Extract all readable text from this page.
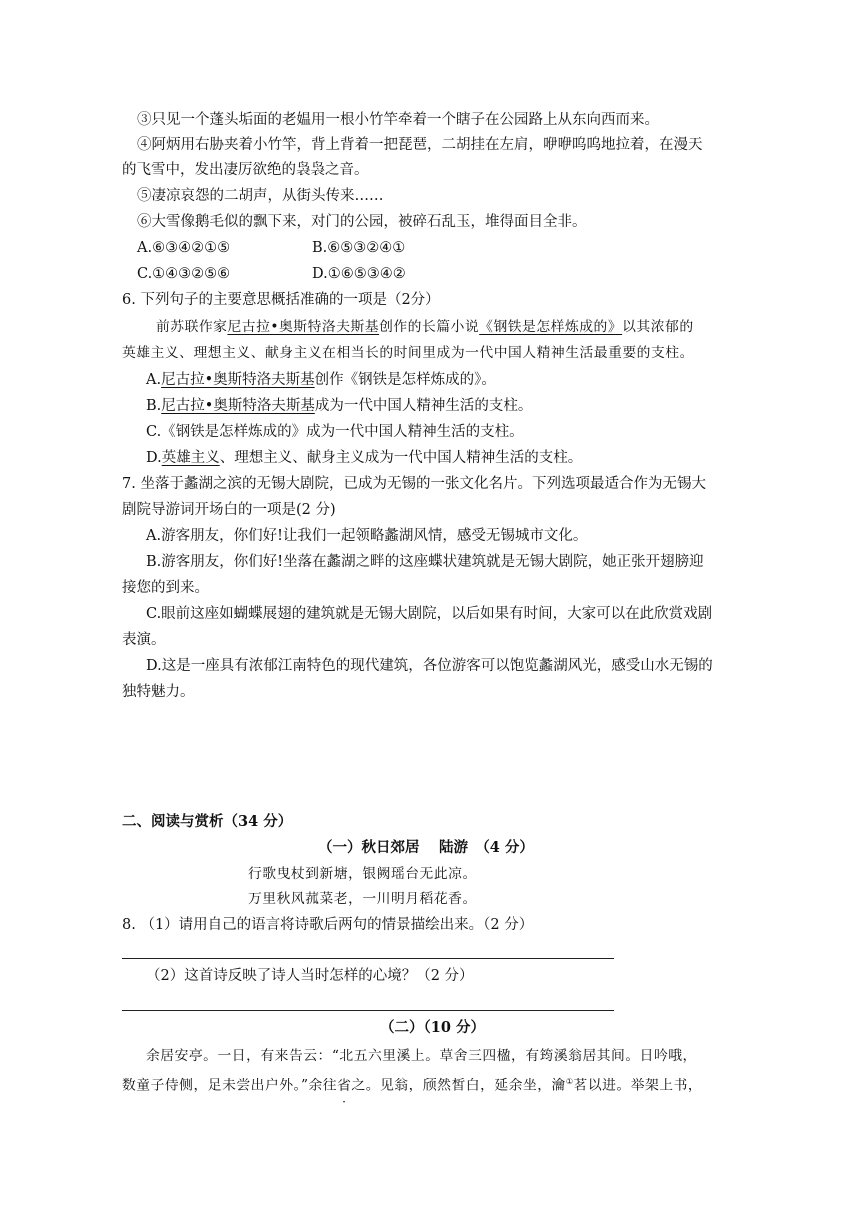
③只见一个蓬头垢面的老媪用一根小竹竿牵着一个瞎子在公园路上从东向西而来。
④阿炳用右胁夹着小竹竿，背上背着一把琵琶，二胡挂在左肩，咿咿呜呜地拉着，在漫天
的飞雪中，发出凄厉欲绝的袅袅之音。
⑤凄凉哀怨的二胡声，从街头传来……
⑥大雪像鹅毛似的飘下来，对门的公园，被碎石乱玉，堆得面目全非。
A.⑥③④②①⑤	B.⑥⑤③②④①
C.①④③②⑤⑥	D.①⑥⑤③④②
6. 下列句子的主要意思概括准确的一项是（2分）
前苏联作家尼古拉•奥斯特洛夫斯基创作的长篇小说《钢铁是怎样炼成的》以其浓郁的
英雄主义、理想主义、献身主义在相当长的时间里成为一代中国人精神生活最重要的支柱。
A.尼古拉•奥斯特洛夫斯基创作《钢铁是怎样炼成的》。
B.尼古拉•奥斯特洛夫斯基成为一代中国人精神生活的支柱。
C.《钢铁是怎样炼成的》成为一代中国人精神生活的支柱。
D.英雄主义、理想主义、献身主义成为一代中国人精神生活的支柱。
7. 坐落于蠡湖之滨的无锡大剧院，已成为无锡的一张文化名片。下列选项最适合作为无锡大
剧院导游词开场白的一项是(2 分)
A.游客朋友，你们好!让我们一起领略蠡湖风情，感受无锡城市文化。
B.游客朋友，你们好!坐落在蠡湖之畔的这座蝶状建筑就是无锡大剧院，她正张开翅膀迎
接您的到来。
C.眼前这座如蝴蝶展翅的建筑就是无锡大剧院，以后如果有时间，大家可以在此欣赏戏剧
表演。
D.这是一座具有浓郁江南特色的现代建筑，各位游客可以饱览蠡湖风光，感受山水无锡的
独特魅力。
二、阅读与赏析（34 分）
（一）秋日郊居　 陆游　（4 分）
行歌曳杖到新塘，银阙瑶台无此凉。
万里秋风菰菜老，一川明月稻花香。
8. （1）请用自己的语言将诗歌后两句的情景描绘出来。（2 分）
（2）这首诗反映了诗人当时怎样的心境？（2 分）
（二）（10 分）
余居安亭。一日，有来告云：“北五六里溪上。草舍三四楹，有筠溪翁居其间。日吟哦，
数童子侍侧，足未尝出户外。”余往省之。见翁，颀然皙白，延余坐，瀹①茗以进。举架上书，
